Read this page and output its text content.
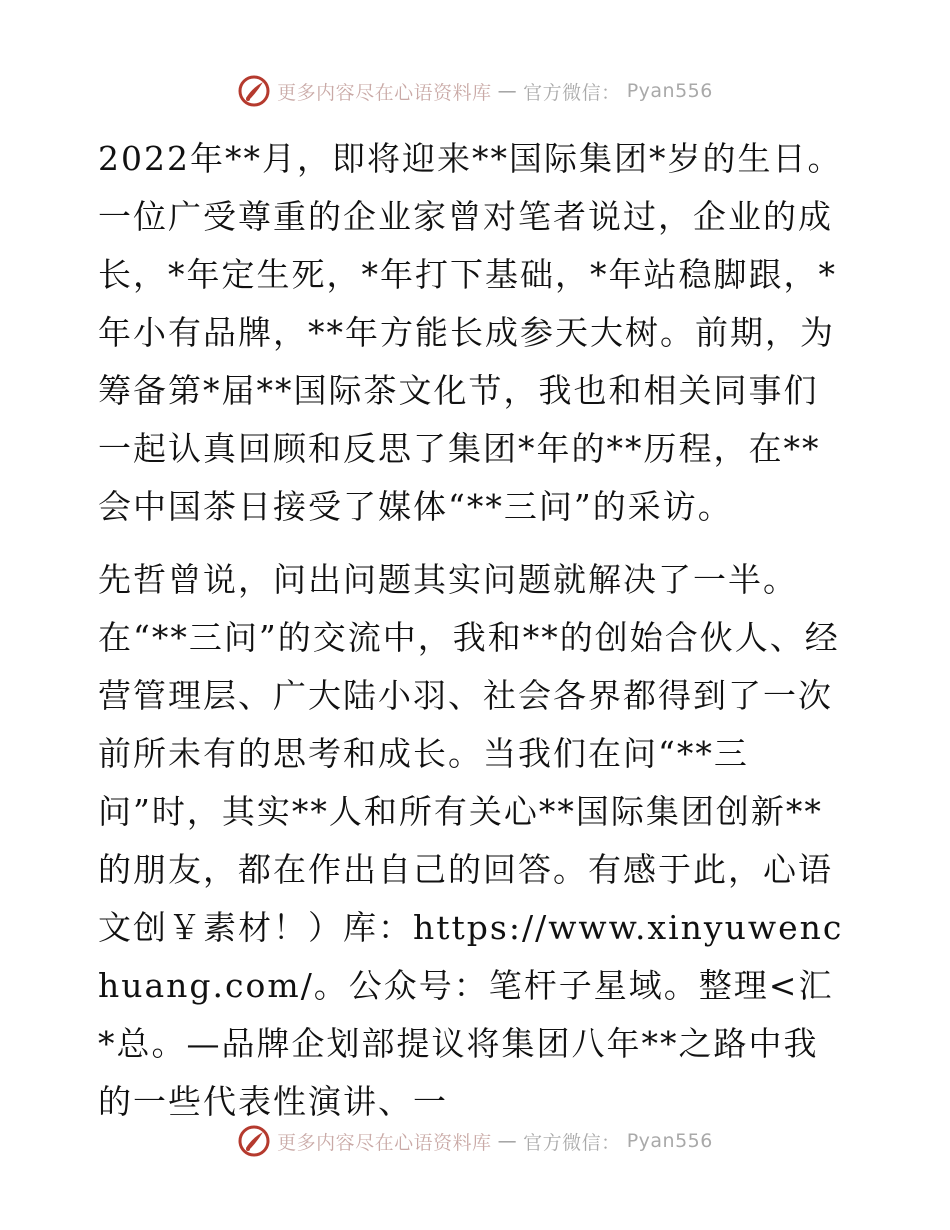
更多内容尽在心语资料库 — 官方微信： Pyan556

2022年**月，即将迎来**国际集团*岁的生日。一位广受尊重的企业家曾对笔者说过，企业的成长，*年定生死，*年打下基础，*年站稳脚跟，*年小有品牌，**年方能长成参天大树。前期，为筹备第*届**国际茶文化节，我也和相关同事们一起认真回顾和反思了集团*年的**历程，在**会中国茶日接受了媒体“**三问”的采访。

先哲曾说，问出问题其实问题就解决了一半。在“**三问”的交流中，我和**的创始合伙人、经营管理层、广大陆小羽、社会各界都得到了一次前所未有的思考和成长。当我们在问“**三问”时，其实**人和所有关心**国际集团创新**的朋友，都在作出自己的回答。有感于此，心语文创￥素材！）库：https://www.xinyuwenchuang.com/。公众号：笔杆子星域。整理<汇*总。—品牌企划部提议将集团八年**之路中我的一些代表性演讲、一

更多内容尽在心语资料库 — 官方微信： Pyan556
